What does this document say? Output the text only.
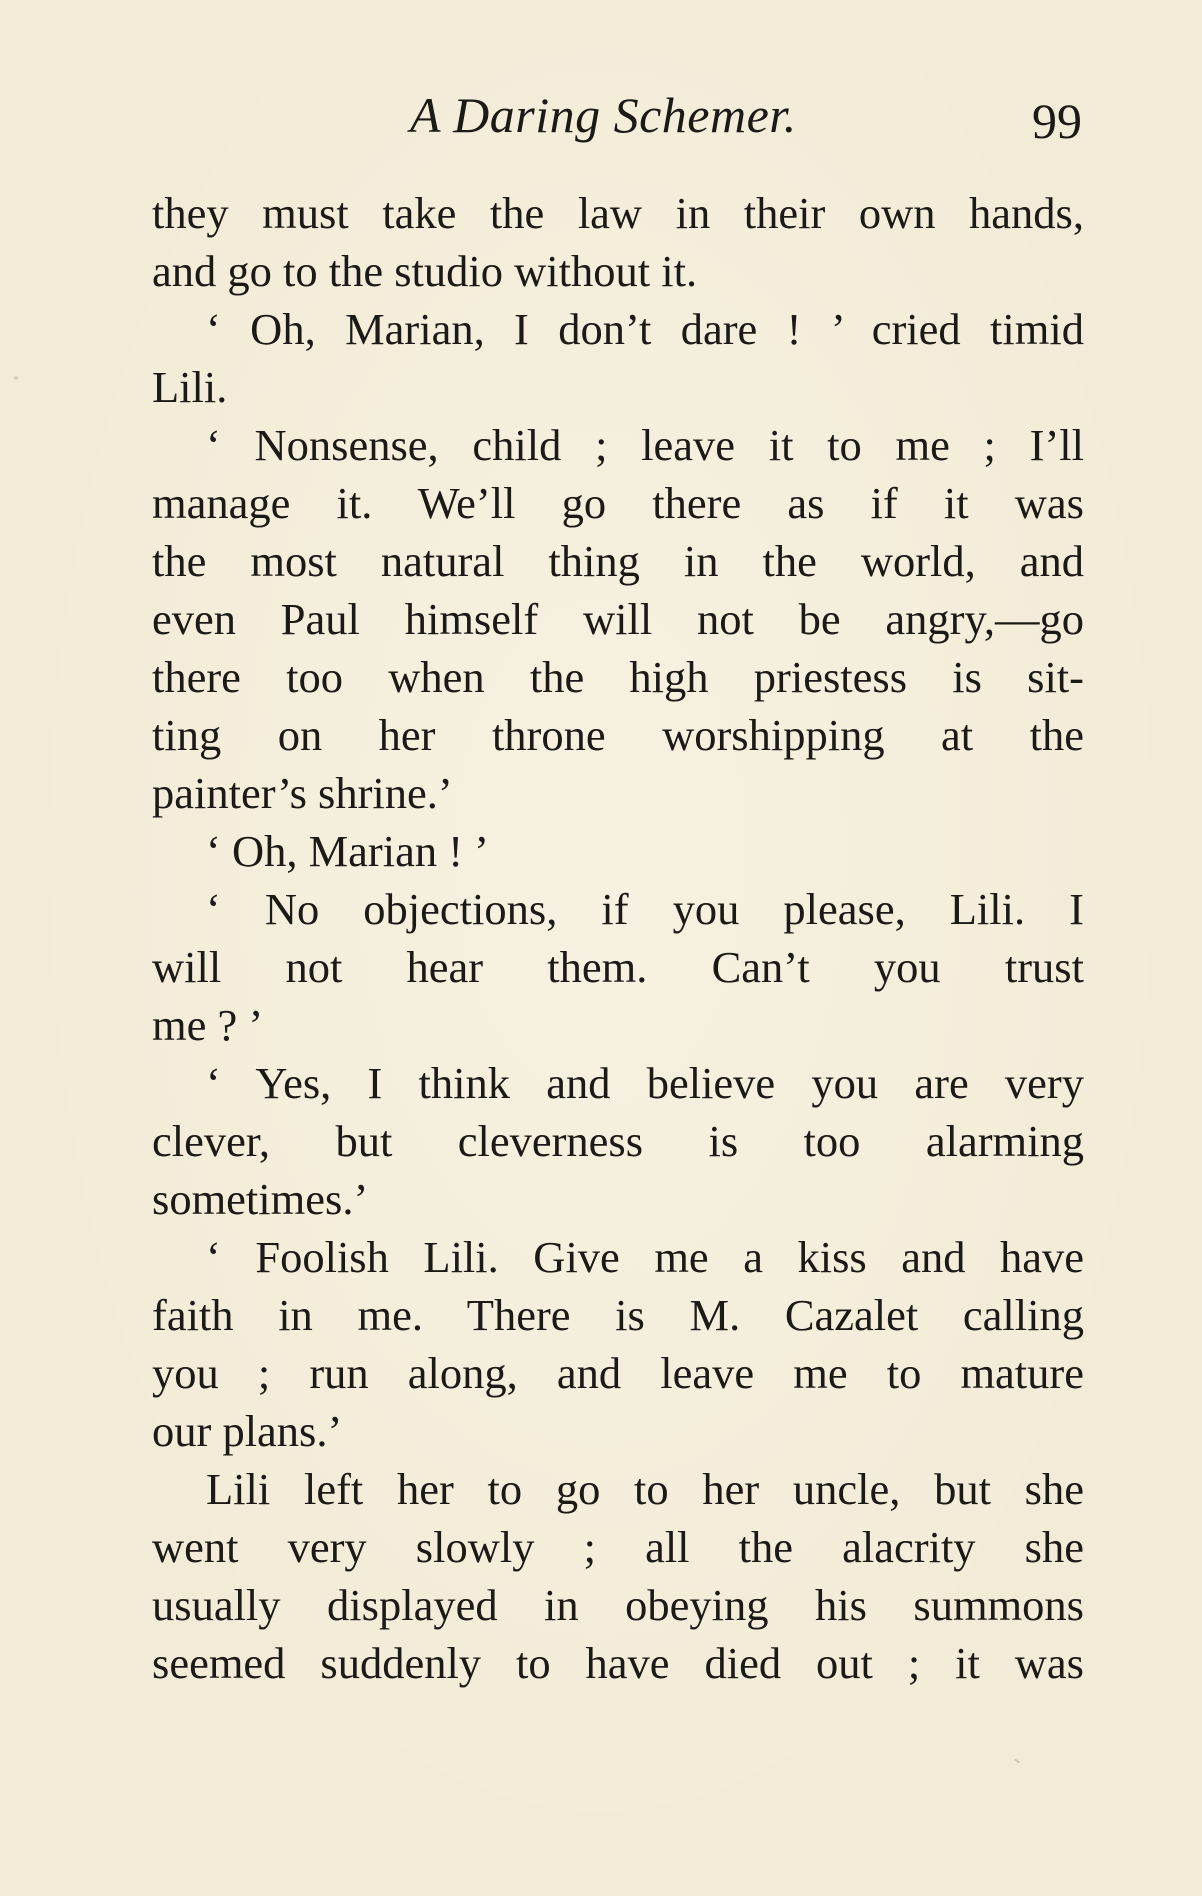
A Daring Schemer.	99
they must take the law in their own hands,
and go to the studio without it.
‘ Oh, Marian, I don’t dare ! ’ cried timid
Lili.
‘ Nonsense, child ; leave it to me ; I’ll
manage it. We’ll go there as if it was
the most natural thing in the world, and
even Paul himself will not be angry,—go
there too when the high priestess is sit-
ting on her throne worshipping at the
painter’s shrine.’
‘ Oh, Marian ! ’
‘ No objections, if you please, Lili. I
will not hear them. Can’t you trust
me ? ’
‘ Yes, I think and believe you are very
clever, but cleverness is too alarming
sometimes.’
‘ Foolish Lili. Give me a kiss and have
faith in me. There is M. Cazalet calling
you ; run along, and leave me to mature
our plans.’
Lili left her to go to her uncle, but she
went very slowly ; all the alacrity she
usually displayed in obeying his summons
seemed suddenly to have died out ; it was
